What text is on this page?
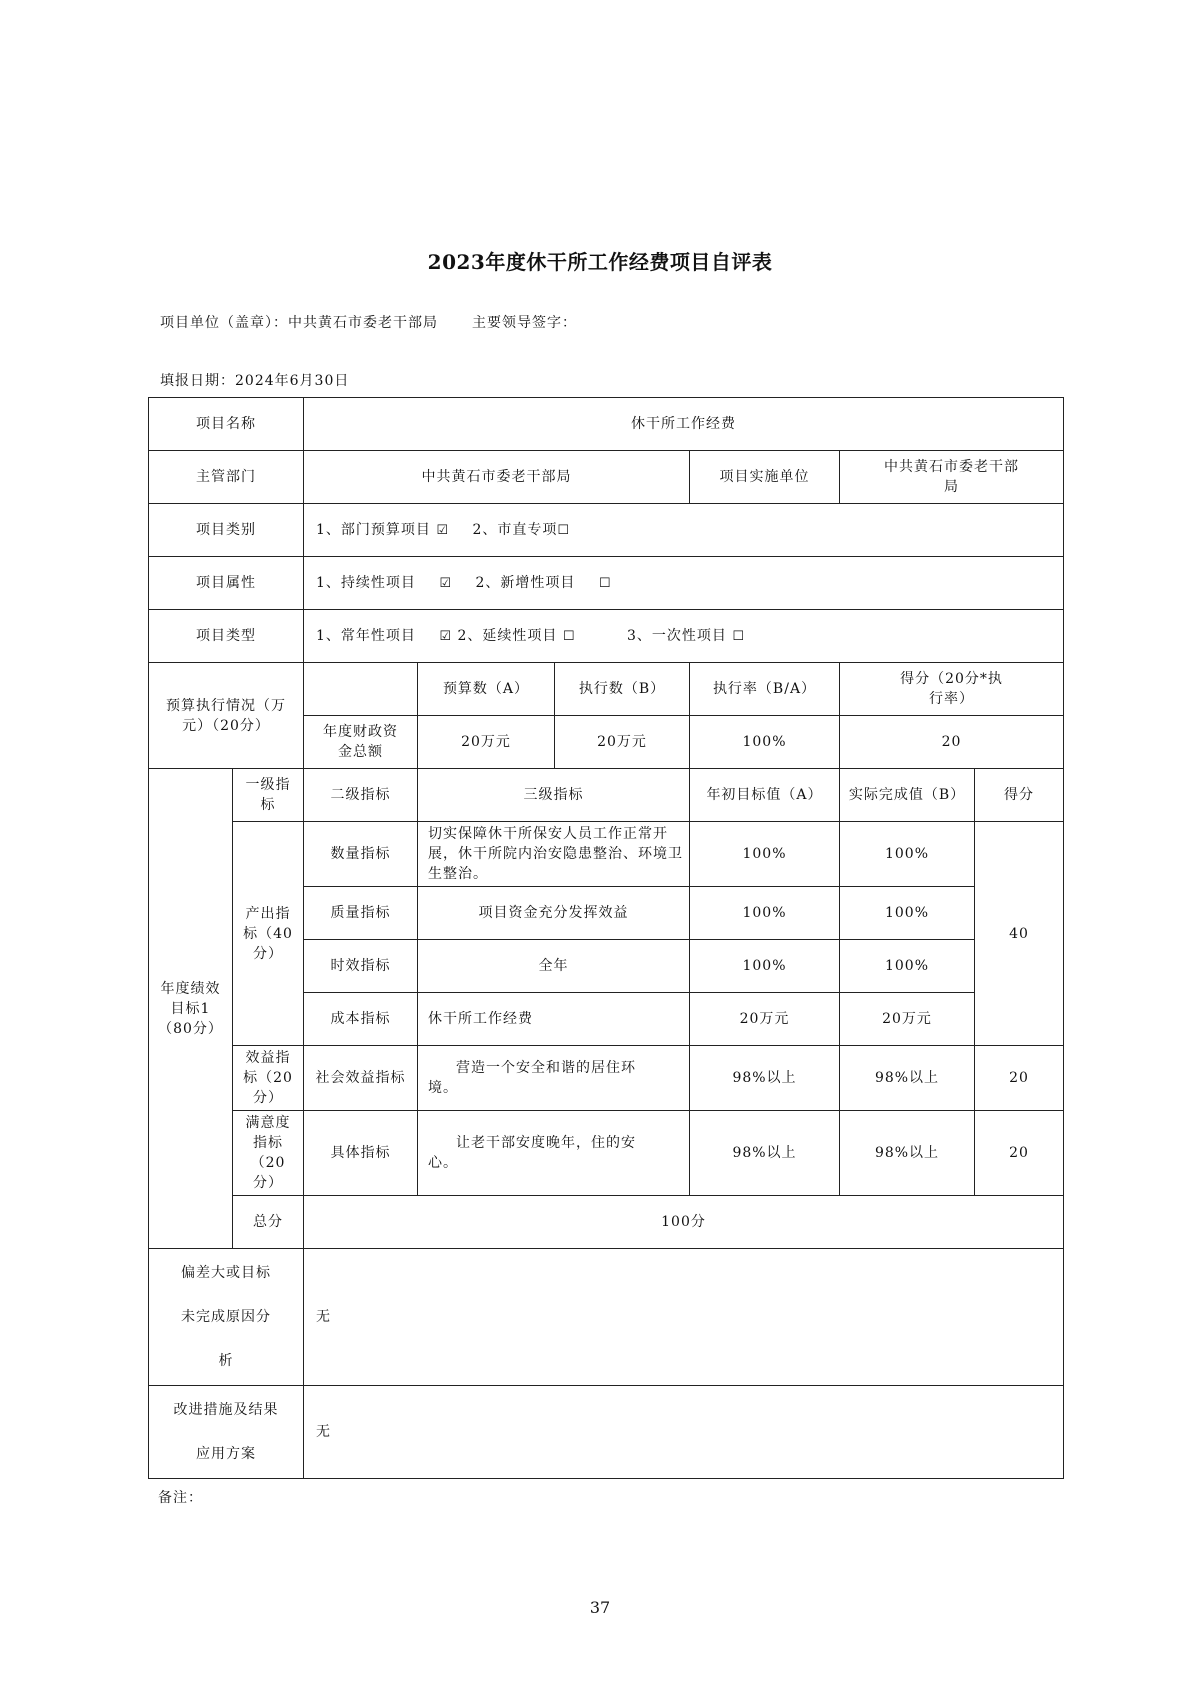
2023年度休干所工作经费项目自评表
项目单位（盖章）：中共黄石市委老干部局 主要领导签字：
填报日期：2024年6月30日
项目名称		休干所工作经费					
主管部门		中共黄石市委老干部局			项目实施单位	中共黄石市委老干部局	
项目类别		1、部门预算项目 ☑ 2、市直专项☐					
项目属性		1、持续性项目 ☑ 2、新增性项目 ☐					
项目类型		1、常年性项目 ☑ 2、延续性项目 ☐ 3、一次性项目 ☐					
预算执行情况（万元）（20分）			预算数（A）	执行数（B）	执行率（B/A）	得分（20分*执行率）	
		年度财政资金总额	20万元	20万元	100%	20	
年度绩效目标1（80分）	一级指标	二级指标	三级指标		年初目标值（A）	实际完成值（B）	得分
	产出指标（40分）	数量指标	切实保障休干所保安人员工作正常开展，休干所院内治安隐患整治、环境卫生整治。		100%	100%	40
		质量指标	项目资金充分发挥效益		100%	100%	
		时效指标	全年		100%	100%	
		成本指标	休干所工作经费		20万元	20万元	
	效益指标（20分）	社会效益指标	营造一个安全和谐的居住环境。		98%以上	98%以上	20
	满意度指标（20分）	具体指标	让老干部安度晚年，住的安心。		98%以上	98%以上	20
	总分	100分					
偏差大或目标未完成原因分析		无					
改进措施及结果应用方案		无					
备注：
37
